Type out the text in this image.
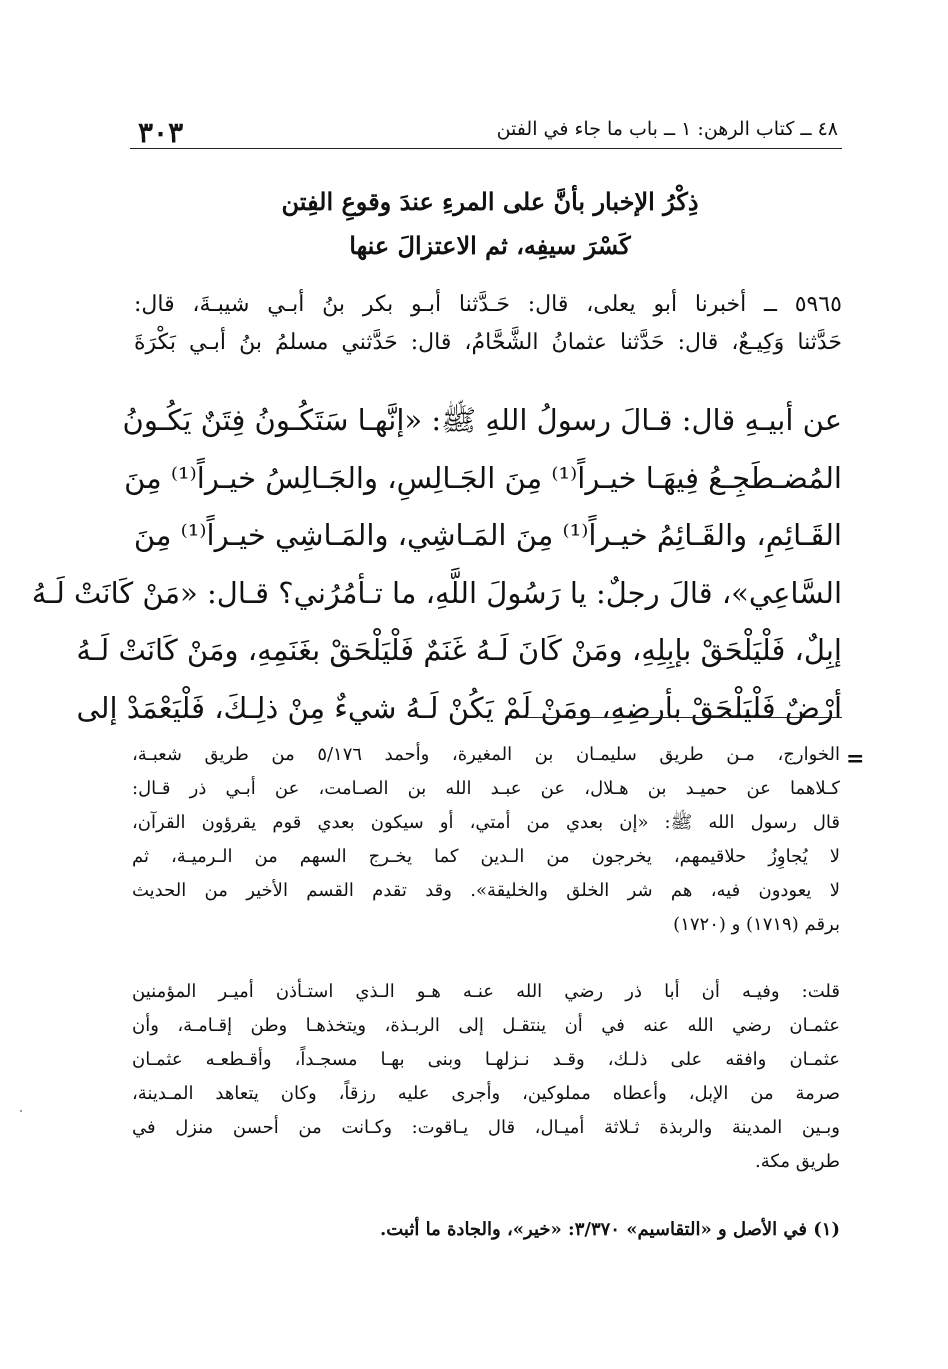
٣٠٣	٤٨ ــ كتاب الرهن: ١ ــ باب ما جاء في الفتن
ذِكْرُ الإخبار بأنَّ على المرءِ عندَ وقوعِ الفِتن
كَسْرَ سيفِه، ثم الاعتزالَ عنها
٥٩٦٥ ــ أخبرنا أبو يعلى، قال: حَـدَّثنا أبـو بكر بنُ أبـي شيبـةَ، قال:
حَدَّثنا وَكِيـعٌ، قال: حَدَّثنا عثمانُ الشَّحَّامُ، قال: حَدَّثني مسلمُ بنُ أبـي بَكْرَةَ
عن أبيـهِ قال: قـالَ رسولُ اللهِ ﷺ: «إنَّهـا سَتَكُـونُ فِتَنٌ يَكُـونُ
المُضـطَجِـعُ فِيهَـا خيـراً⁽¹⁾ مِنَ الجَـالِسِ، والجَـالِسُ خيـراً⁽¹⁾ مِنَ
القَـائِمِ، والقَـائِمُ خيـراً⁽¹⁾ مِنَ المَـاشِي، والمَـاشِي خيـراً⁽¹⁾ مِنَ
السَّاعِي»، قالَ رجلٌ: يا رَسُولَ اللَّهِ، ما تـأمُرُني؟ قـال: «مَنْ كَانَتْ لَـهُ
إبِلٌ، فَلْيَلْحَقْ بإبِلِهِ، ومَنْ كَانَ لَـهُ غَنَمٌ فَلْيَلْحَقْ بغَنَمِهِ، ومَنْ كَانَتْ لَـهُ
أرْضٌ فَلْيَلْحَقْ بأرضِهِ، ومَنْ لَمْ يَكُنْ لَـهُ شيءٌ مِنْ ذلِـكَ، فَلْيَعْمَدْ إلى
=
الخوارج، مـن طريق سليمـان بن المغيرة، وأحمد ٥/١٧٦ من طريق شعبـة،
كـلاهما عن حميـد بن هـلال، عن عبـد الله بن الصـامت، عن أبـي ذر قـال:
قال رسول الله ﷺ: «إن بعدي من أمتي، أو سيكون بعدي قوم يقرؤون القرآن،
لا يُجاوِزُ حلاقيمهم، يخرجون من الـدين كما يخـرج السهم من الـرميـة، ثم
لا يعودون فيه، هم شر الخلق والخليقة». وقد تقدم القسم الأخير من الحديث
برقم (١٧١٩) و (١٧٢٠)
قلت: وفيـه أن أبا ذر رضي الله عنـه هـو الـذي استـأذن أميـر المؤمنين
عثمـان رضي الله عنه في أن ينتقـل إلى الربـذة، ويتخذهـا وطن إقـامـة، وأن
عثمـان وافقه على ذلـك، وقـد نـزلهـا وبنى بهـا مسجـداً، وأقـطعـه عثمـان
صرمة من الإبل، وأعطاه مملوكين، وأجرى عليه رزقاً، وكان يتعاهد المـدينة،
وبـين المدينة والربذة ثـلاثة أميـال، قال يـاقوت: وكـانت من أحسن منزل في
طريق مكة.
(١) في الأصل و «التقاسيم» ٣/٣٧٠: «خير»، والجادة ما أثبت.
